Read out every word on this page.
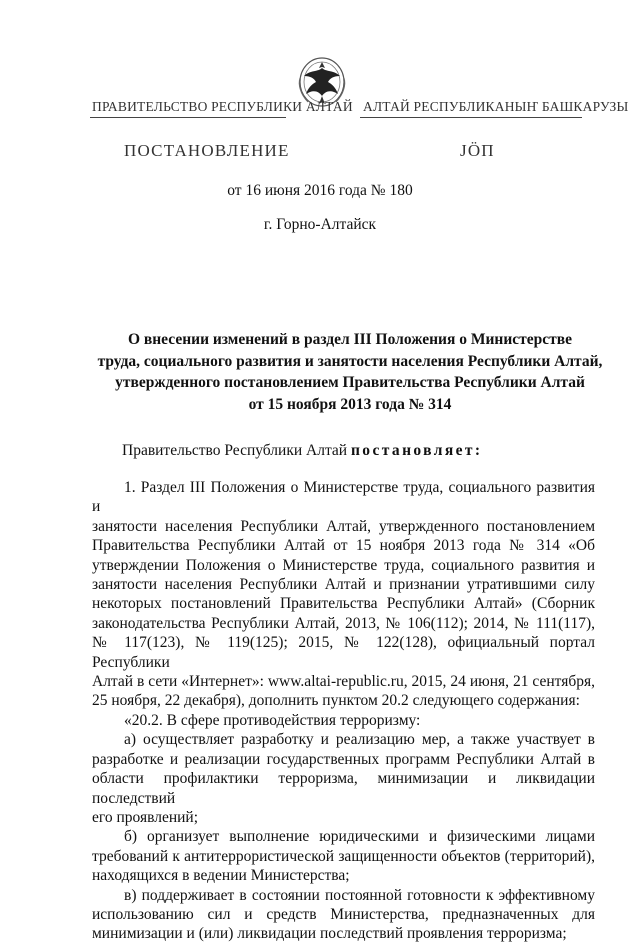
ПРАВИТЕЛЬСТВО РЕСПУБЛИКИ АЛТАЙ АЛТАЙ РЕСПУБЛИКАНЫҤ БАШКАРУЗЫ
ПОСТАНОВЛЕНИЕ	ЈӦП
от 16 июня 2016 года № 180
г. Горно-Алтайск
О внесении изменений в раздел III Положения о Министерстве
труда, социального развития и занятости населения Республики Алтай,
утвержденного постановлением Правительства Республики Алтай
от 15 ноября 2013 года № 314
Правительство Республики Алтай постановляет:

1. Раздел III Положения о Министерстве труда, социального развития и

занятости населения Республики Алтай, утвержденного постановлением

Правительства Республики Алтай от 15 ноября 2013 года № 314 «Об

утверждении Положения о Министерстве труда, социального развития и

занятости населения Республики Алтай и признании утратившими силу

некоторых постановлений Правительства Республики Алтай» (Сборник

законодательства Республики Алтай, 2013, № 106(112); 2014, № 111(117),

№ 117(123), № 119(125); 2015, № 122(128), официальный портал Республики

Алтай в сети «Интернет»: www.altai-republic.ru, 2015, 24 июня, 21 сентября,

25 ноября, 22 декабря), дополнить пунктом 20.2 следующего содержания:

«20.2. В сфере противодействия терроризму:

а) осуществляет разработку и реализацию мер, а также участвует в

разработке и реализации государственных программ Республики Алтай в

области профилактики терроризма, минимизации и ликвидации последствий

его проявлений;

б) организует выполнение юридическими и физическими лицами

требований к антитеррористической защищенности объектов (территорий),

находящихся в ведении Министерства;

в) поддерживает в состоянии постоянной готовности к эффективному

использованию сил и средств Министерства, предназначенных для

минимизации и (или) ликвидации последствий проявления терроризма;
